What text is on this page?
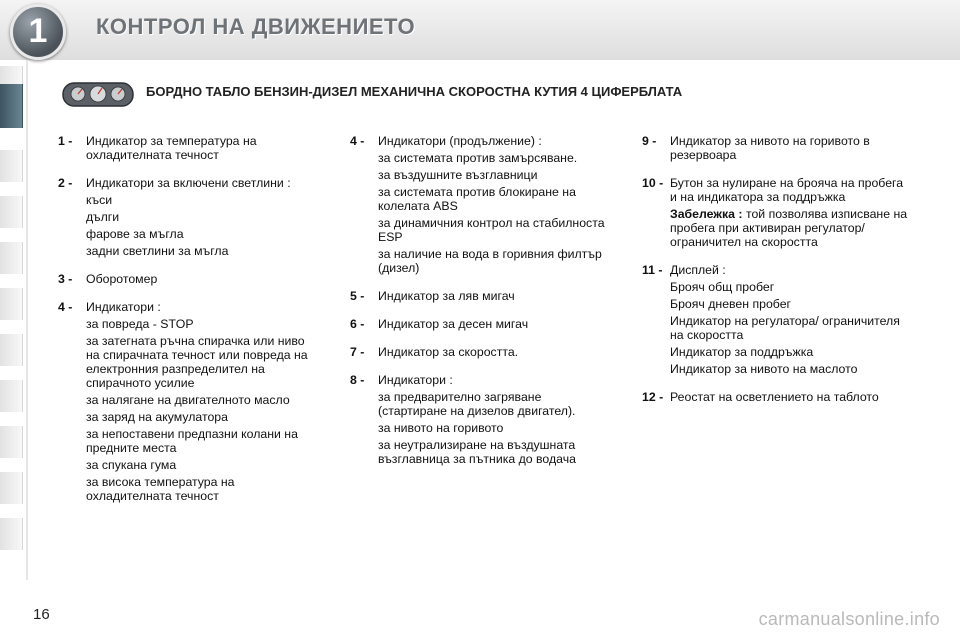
1	КОНТРОЛ НА ДВИЖЕНИЕТО
БОРДНО ТАБЛО БЕНЗИН-ДИЗЕЛ МЕХАНИЧНА СКОРОСТНА КУТИЯ 4 ЦИФЕРБЛАТА
1 -	Индикатор за температура на охладителната течност
2 -	Индикатори за включени светлини :
къси
дълги
фарове за мъгла
задни светлини за мъгла
3 -	Оборотомер
4 -	Индикатори :
за повреда - STOP
за затегната ръчна спирачка или ниво на спирачната течност или повреда на електронния разпределител на спирачното усилие
за налягане на двигателното масло
за заряд на акумулатора
за непоставени предпазни колани на предните места
за спукана гума
за висока температура на охладителната течност
4 -	Индикатори (продължение) :
за системата против замърсяване.
за въздушните възглавници
за системата против блокиране на колелата ABS
за динамичния контрол на стабилноста ESP
за наличие на вода в горивния филтър (дизел)
5 -	Индикатор за ляв мигач
6 -	Индикатор за десен мигач
7 -	Индикатор за скоростта.
8 -	Индикатори :
за предварително загряване (стартиране на дизелов двигател).
за нивото на горивото
за неутрализиране на въздушната възглавница за пътника до водача
9 -	Индикатор за нивото на горивото в резервоара
10 - Бутон за нулиране на брояча на пробега и на индикатора за поддръжка
Забележка : той позволява изписване на пробега при активиран регулатор/ ограничител на скоростта
11 - Дисплей :
Брояч общ пробег
Брояч дневен пробег
Индикатор на регулатора/ ограничителя на скоростта
Индикатор за поддръжка
Индикатор за нивото на маслото
12 - Реостат на осветлението на таблото
16	carmanualsonline.info
